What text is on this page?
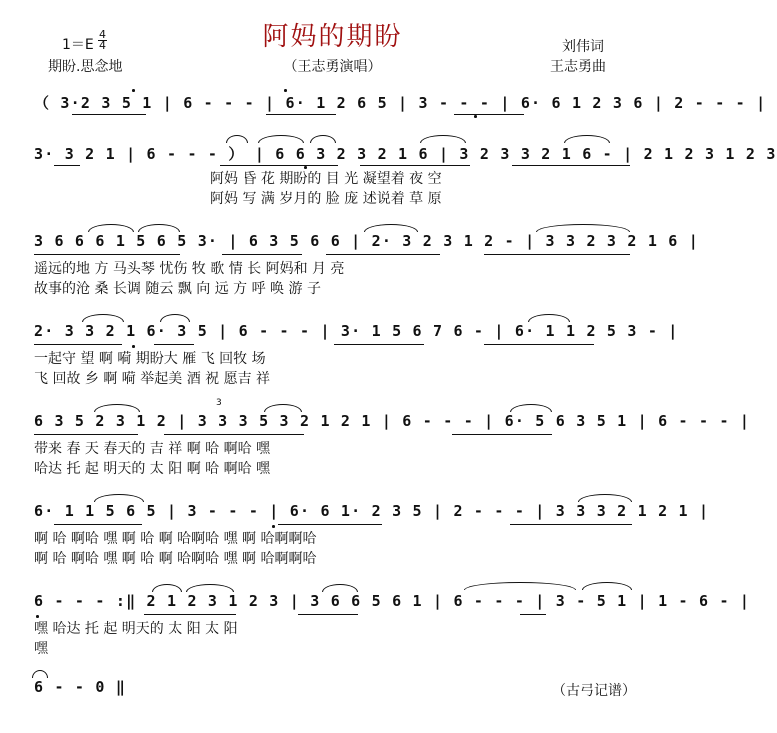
阿妈的期盼
1＝E
4
4
期盼.思念地	（王志勇演唱）
刘伟词
王志勇曲
（ 3·2 3 5 1 | 6 - - - | 6· 1 2 6 5 | 3 - - - | 6· 6 1 2 3 6 | 2 - - - |
3· 3 2 1 | 6 - - - ） | 6 6 3 2 3 2 1 6 | 3 2 3 3 2 1 6 - | 2 1 2 3 1 2 3
阿妈 昏 花 期盼的 目 光 凝望着 夜 空
阿妈 写 满 岁月的 脸 庞 述说着 草 原
3 6 6 6 1 5 6 5 3· | 6 3 5 6 6 | 2· 3 2 3 1 2 - | 3 3 2 3 2 1 6 |
遥远的地 方 马头琴 忧伤 牧 歌 情 长 阿妈和 月 亮
故事的沧 桑 长调 随云 飘 向 远 方 呼 唤 游 子
2· 3 3 2 1 6· 3 5 | 6 - - - | 3· 1 5 6 7 6 - | 6· 1 1 2 5 3 - |
一起守 望 啊 嗬 期盼大 雁 飞 回牧 场
飞 回故 乡 啊 嗬 举起美 酒 祝 愿吉 祥
6 3 5 2 3 1 2 | 3 3 3 5 3 2 1 2 1 | 6 - - - | 6· 5 6 3 5 1 | 6 - - - |
3
带来 春 天 春天的 吉 祥 啊 哈 啊哈 嘿
哈达 托 起 明天的 太 阳 啊 哈 啊哈 嘿
6· 1 1 5 6 5 | 3 - - - | 6· 6 1· 2 3 5 | 2 - - - | 3 3 3 2 1 2 1 |
啊 哈 啊哈 嘿 啊 哈 啊 哈啊哈 嘿 啊 哈啊啊哈
啊 哈 啊哈 嘿 啊 哈 啊 哈啊哈 嘿 啊 哈啊啊哈
6 - - - :‖ 2 1 2 3 1 2 3 | 3 6 6 5 6 1 | 6 - - - | 3 - 5 1 | 1 - 6 - |
嘿 哈达 托 起 明天的 太 阳 太 阳
嘿
6 - - 0 ‖	（古弓记谱）
